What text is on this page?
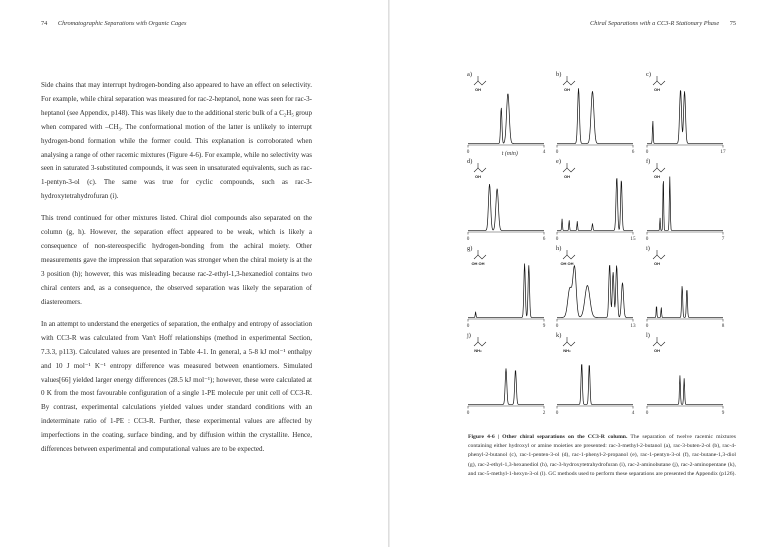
74 Chromatographic Separations with Organic Cages

Side chains that may interrupt hydrogen-bonding also appeared to have an effect on selectivity. For example, while chiral separation was measured for rac-2-heptanol, none was seen for rac-3-heptanol (see Appendix, p148). This was likely due to the additional steric bulk of a C₂H₅ group when compared with –CH₃. The conformational motion of the latter is unlikely to interrupt hydrogen-bond formation while the former could. This explanation is corroborated when analysing a range of other racemic mixtures (Figure 4-6). For example, while no selectivity was seen in saturated 3-substituted compounds, it was seen in unsaturated equivalents, such as rac-1-pentyn-3-ol (c). The same was true for cyclic compounds, such as rac-3-hydroxytetrahydrofuran (i).

This trend continued for other mixtures listed. Chiral diol compounds also separated on the column (g, h). However, the separation effect appeared to be weak, which is likely a consequence of non-stereospecific hydrogen-bonding from the achiral moiety. Other measurements gave the impression that separation was stronger when the chiral moiety is at the 3 position (h); however, this was misleading because rac-2-ethyl-1,3-hexanediol contains two chiral centers and, as a consequence, the observed separation was likely the separation of diastereomers.

In an attempt to understand the energetics of separation, the enthalpy and entropy of association with CC3-R was calculated from Van't Hoff relationships (method in experimental Section, 7.3.3, p113). Calculated values are presented in Table 4-1. In general, a 5-8 kJ mol⁻¹ enthalpy and 10 J mol⁻¹ K⁻¹ entropy difference was measured between enantiomers. Simulated values[66] yielded larger energy differences (28.5 kJ mol⁻¹); however, these were calculated at 0 K from the most favourable configuration of a single 1-PE molecule per unit cell of CC3-R. By contrast, experimental calculations yielded values under standard conditions with an indeterminate ratio of 1-PE : CC3-R. Further, these experimental values are affected by imperfections in the coating, surface binding, and by diffusion within the crystallite. Hence, differences between experimental and computational values are to be expected.

Chiral Separations with a CC3-R Stationary Phase 75
0	4
t (min)
a)
OH
0	6
b)
OH
0	17
c)
OH
0	6
d)
OH
0	15
e)
OH
0	7
f)
OH
0	9
g)
OH OH
0	13
h)
OH OH
0	8
i)
OH
0	2
j)
NH₂
0	4
k)
NH₂
0	9
l)
OH
Figure 4-6 | Other chiral separations on the CC3-R column. The separation of twelve racemic mixtures containing either hydroxyl or amine moieties are presented: rac-3-methyl-2-butanol (a), rac-3-buten-2-ol (b), rac-4-phenyl-2-butanol (c), rac-1-penten-3-ol (d), rac-1-phenyl-2-propanol (e), rac-1-pentyn-3-ol (f), rac-butane-1,3-diol (g), rac-2-ethyl-1,3-hexanediol (h), rac-3-hydroxytetrahydrofuran (i), rac-2-aminobutane (j), rac-2-aminopentane (k), and rac-5-methyl-1-hexyn-3-ol (l). GC methods used to perform these separations are presented the Appendix (p126).
